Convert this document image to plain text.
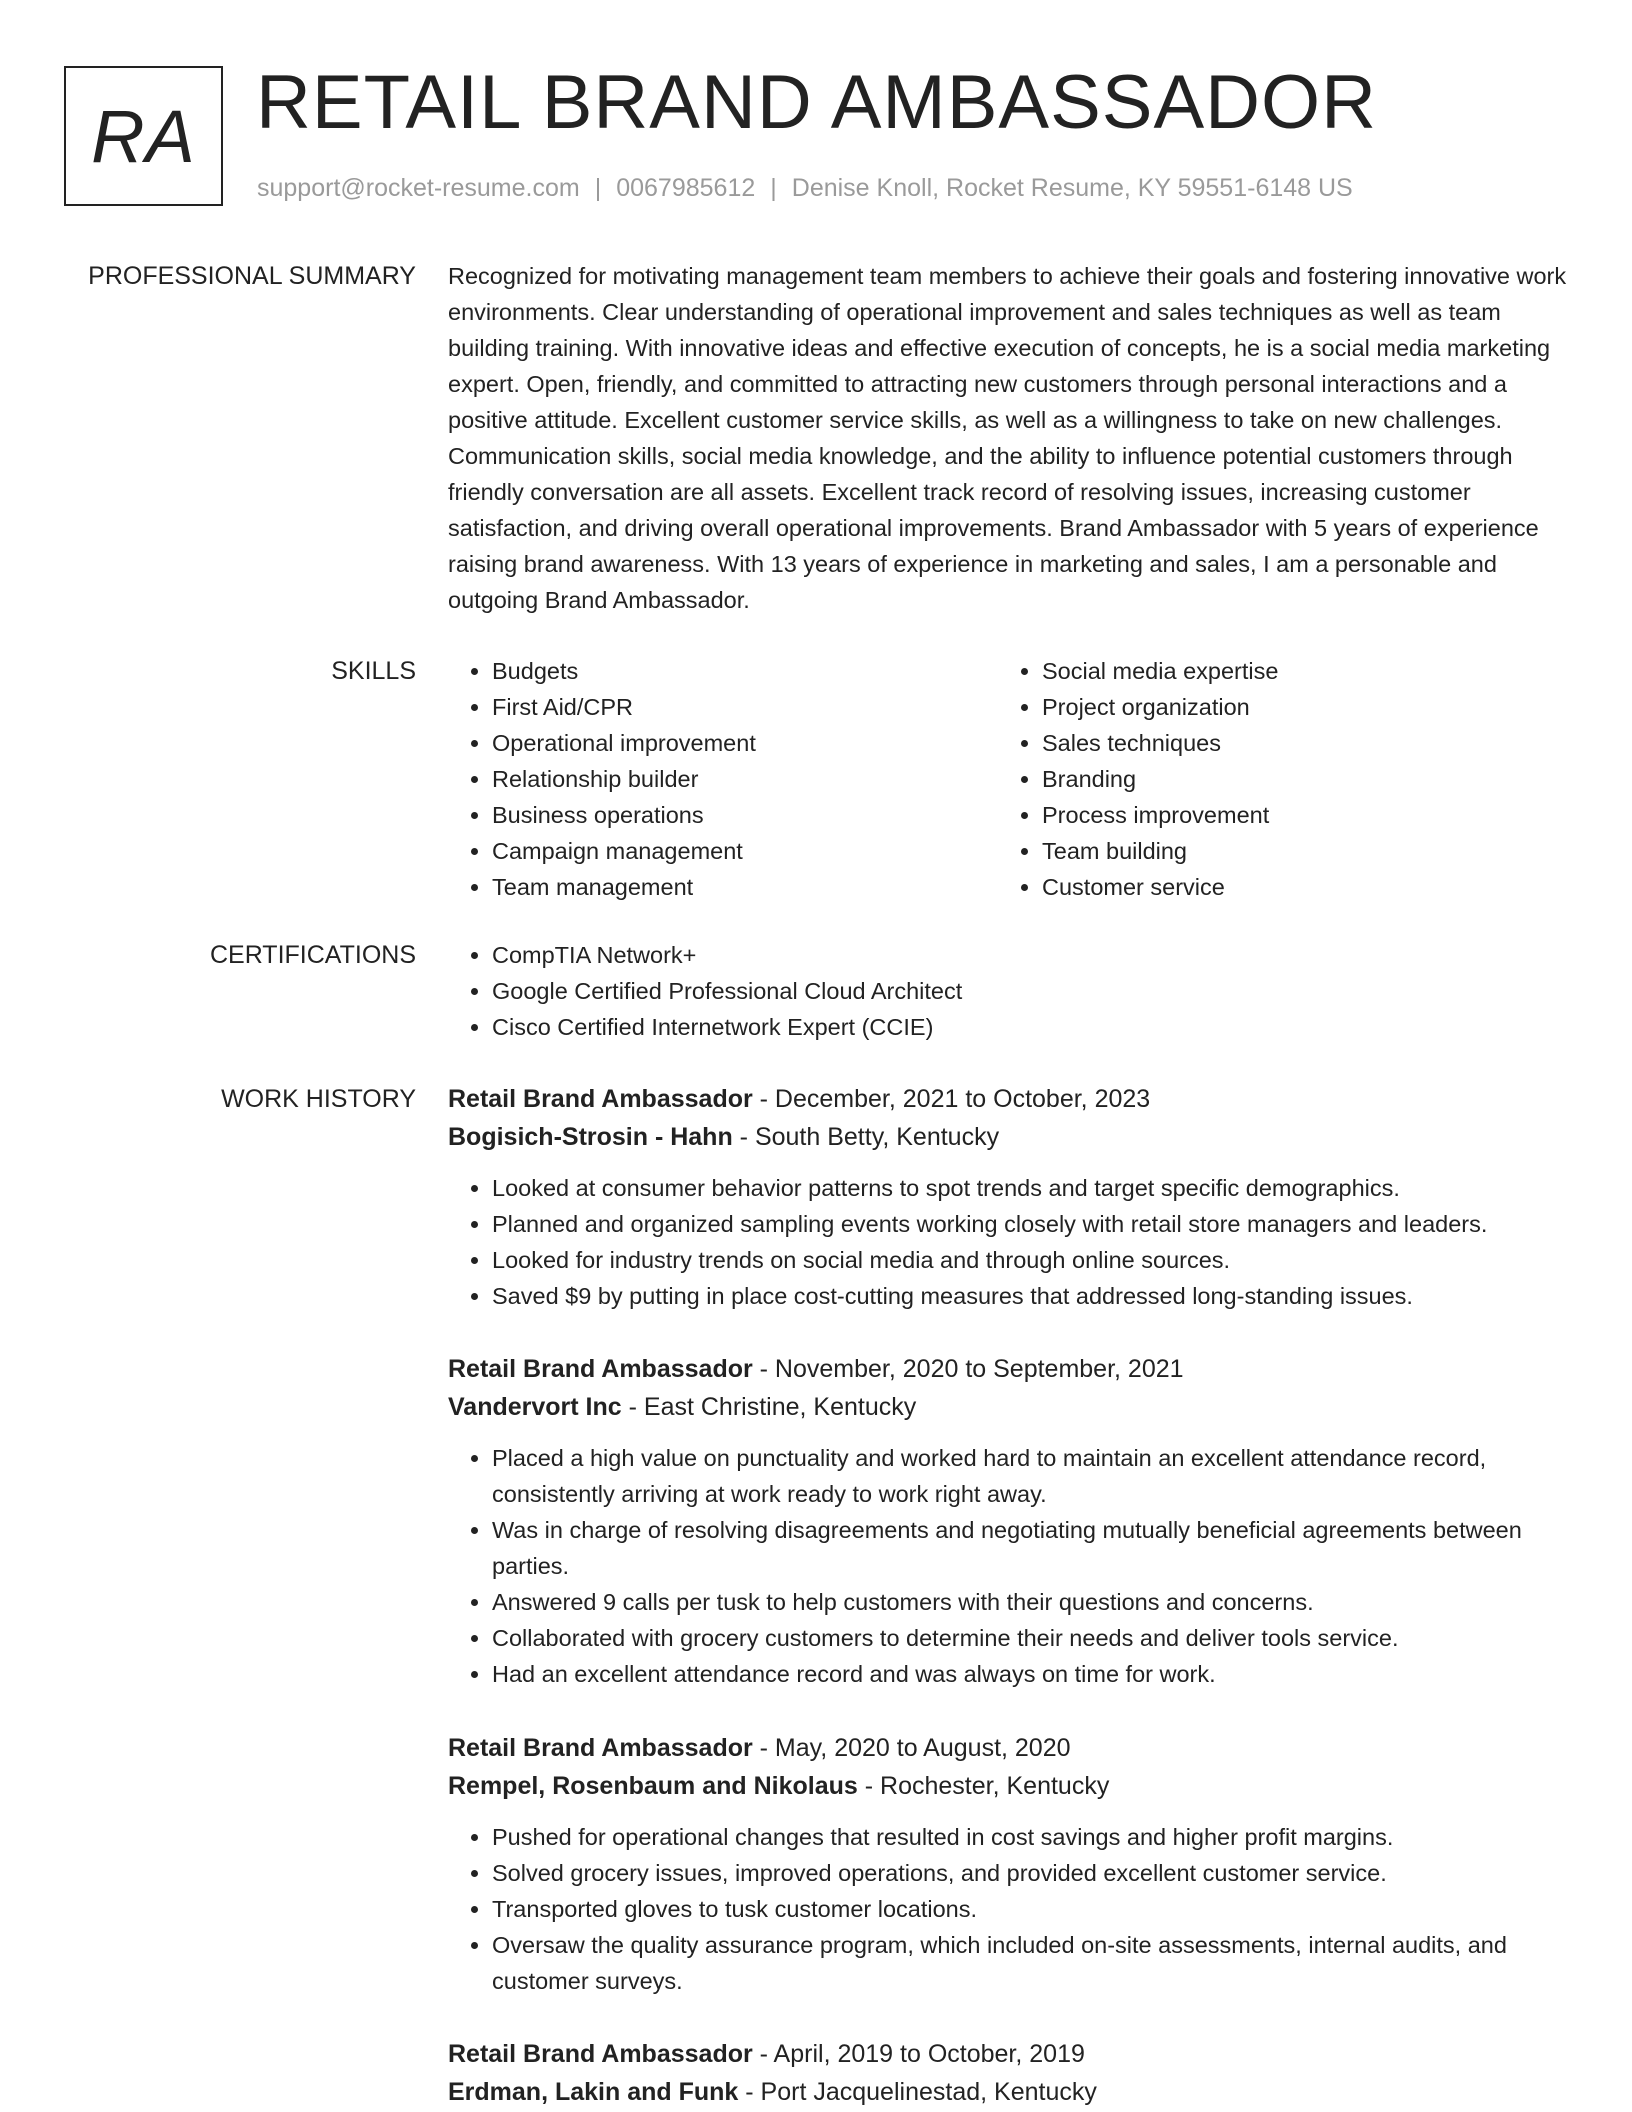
RA RETAIL BRAND AMBASSADOR
support@rocket-resume.com | 0067985612 | Denise Knoll, Rocket Resume, KY 59551-6148 US
PROFESSIONAL SUMMARY Recognized for motivating management team members to achieve their goals and fostering innovative work environments. Clear understanding of operational improvement and sales techniques as well as team building training. With innovative ideas and effective execution of concepts, he is a social media marketing expert. Open, friendly, and committed to attracting new customers through personal interactions and a positive attitude. Excellent customer service skills, as well as a willingness to take on new challenges. Communication skills, social media knowledge, and the ability to influence potential customers through friendly conversation are all assets. Excellent track record of resolving issues, increasing customer satisfaction, and driving overall operational improvements. Brand Ambassador with 5 years of experience raising brand awareness. With 13 years of experience in marketing and sales, I am a personable and outgoing Brand Ambassador.

SKILLS	• Budgets
• First Aid/CPR
• Operational improvement
• Relationship builder
• Business operations
• Campaign management
• Team management
• Social media expertise
• Project organization
• Sales techniques
• Branding
• Process improvement
• Team building
• Customer service
CERTIFICATIONS	• CompTIA Network+
• Google Certified Professional Cloud Architect
• Cisco Certified Internetwork Expert (CCIE)
WORK HISTORY Retail Brand Ambassador - December, 2021 to October, 2023
Bogisich-Strosin - Hahn - South Betty, Kentucky
• Looked at consumer behavior patterns to spot trends and target specific demographics.
• Planned and organized sampling events working closely with retail store managers and leaders.
• Looked for industry trends on social media and through online sources.
• Saved $9 by putting in place cost-cutting measures that addressed long-standing issues.
Retail Brand Ambassador - November, 2020 to September, 2021
Vandervort Inc - East Christine, Kentucky
• Placed a high value on punctuality and worked hard to maintain an excellent attendance record, consistently arriving at work ready to work right away.
• Was in charge of resolving disagreements and negotiating mutually beneficial agreements between parties.
• Answered 9 calls per tusk to help customers with their questions and concerns.
• Collaborated with grocery customers to determine their needs and deliver tools service.
• Had an excellent attendance record and was always on time for work.
Retail Brand Ambassador - May, 2020 to August, 2020
Rempel, Rosenbaum and Nikolaus - Rochester, Kentucky
• Pushed for operational changes that resulted in cost savings and higher profit margins.
• Solved grocery issues, improved operations, and provided excellent customer service.
• Transported gloves to tusk customer locations.
• Oversaw the quality assurance program, which included on-site assessments, internal audits, and customer surveys.
Retail Brand Ambassador - April, 2019 to October, 2019
Erdman, Lakin and Funk - Port Jacquelinestad, Kentucky
